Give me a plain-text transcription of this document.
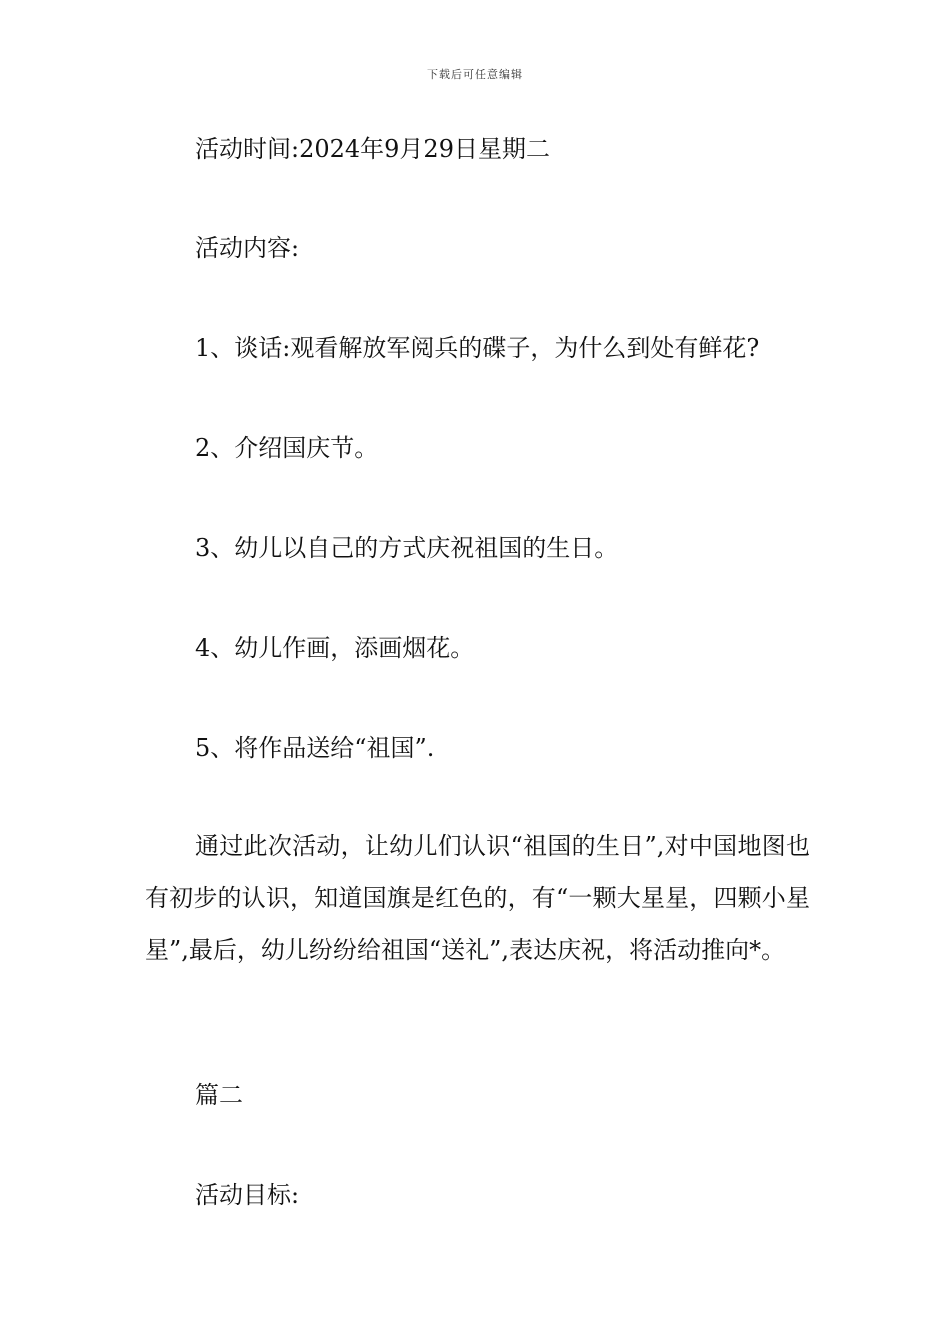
下载后可任意编辑
活动时间:2024年9月29日星期二
活动内容:
1、谈话:观看解放军阅兵的碟子，为什么到处有鲜花?
2、介绍国庆节。
3、幼儿以自己的方式庆祝祖国的生日。
4、幼儿作画，添画烟花。
5、将作品送给“祖国”.
通过此次活动，让幼儿们认识“祖国的生日”,对中国地图也有初步的认识，知道国旗是红色的，有“一颗大星星，四颗小星星”,最后，幼儿纷纷给祖国“送礼”,表达庆祝，将活动推向*。
篇二
活动目标:
